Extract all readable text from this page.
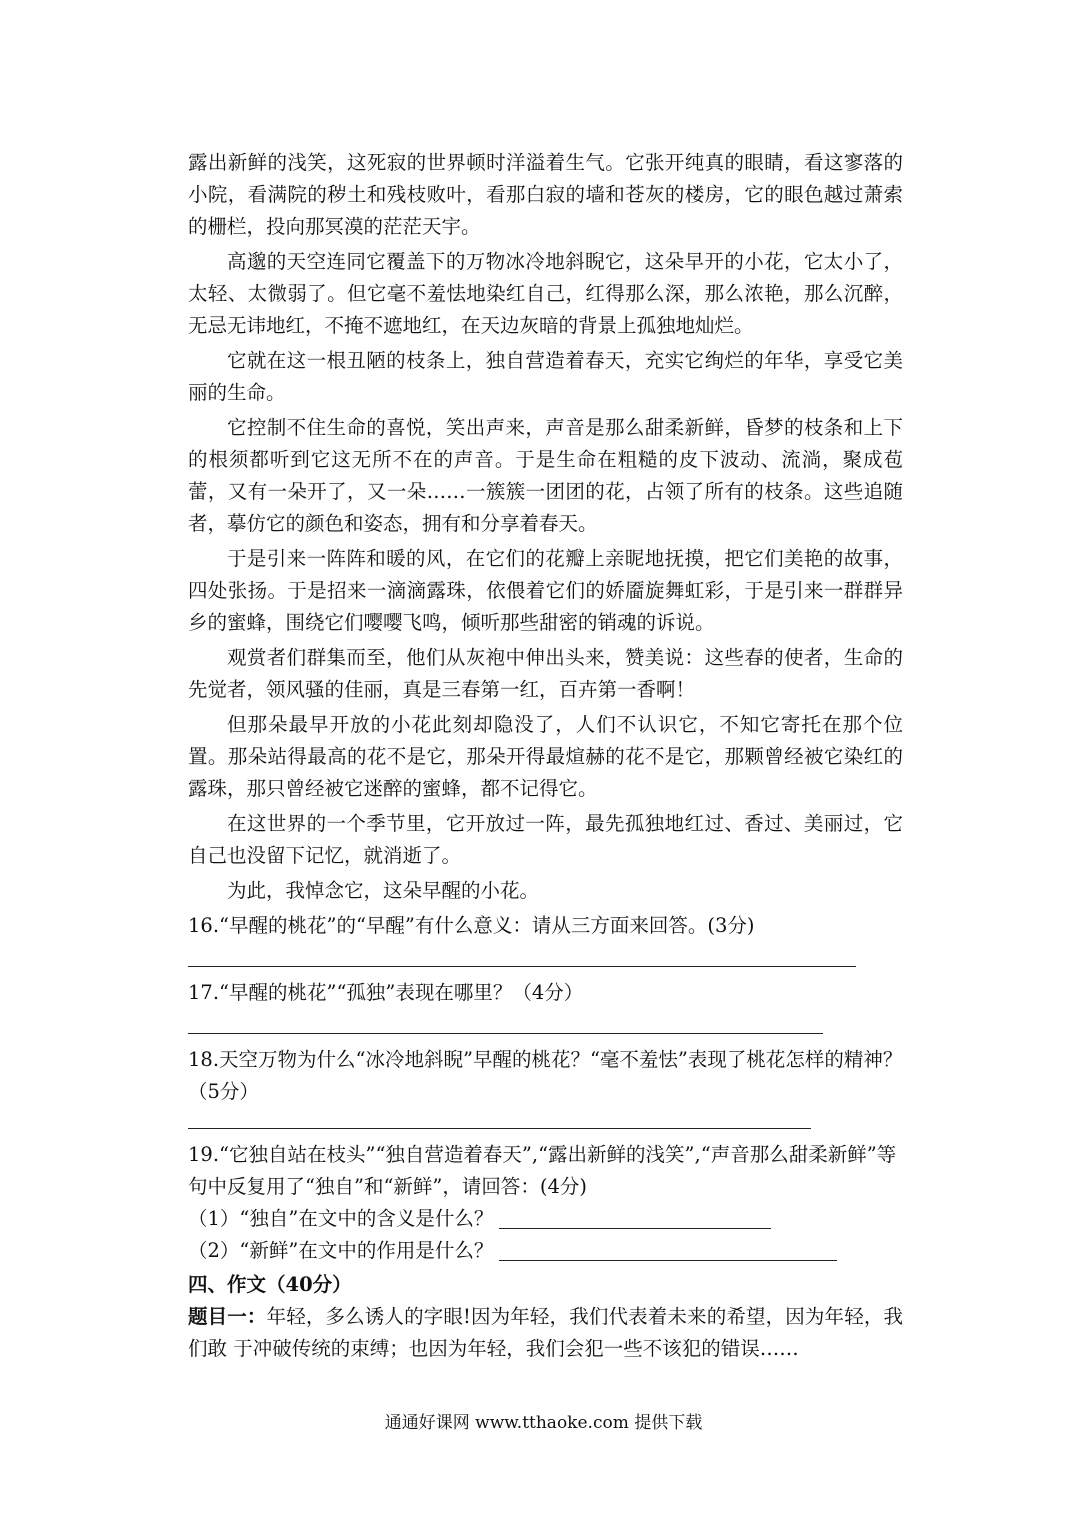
露出新鲜的浅笑，这死寂的世界顿时洋溢着生气。它张开纯真的眼睛，看这寥落的小院，看满院的秽土和残枝败叶，看那白寂的墙和苍灰的楼房，它的眼色越过萧索的栅栏，投向那冥漠的茫茫天宇。

高邈的天空连同它覆盖下的万物冰冷地斜睨它，这朵早开的小花，它太小了，太轻、太微弱了。但它毫不羞怯地染红自己，红得那么深，那么浓艳，那么沉醉，无忌无讳地红，不掩不遮地红，在天边灰暗的背景上孤独地灿烂。

它就在这一根丑陋的枝条上，独自营造着春天，充实它绚烂的年华，享受它美丽的生命。

它控制不住生命的喜悦，笑出声来，声音是那么甜柔新鲜，昏梦的枝条和上下的根须都听到它这无所不在的声音。于是生命在粗糙的皮下波动、流淌，聚成苞蕾，又有一朵开了，又一朵……一簇簇一团团的花，占领了所有的枝条。这些追随者，摹仿它的颜色和姿态，拥有和分享着春天。

于是引来一阵阵和暖的风，在它们的花瓣上亲昵地抚摸，把它们美艳的故事，四处张扬。于是招来一滴滴露珠，依偎着它们的娇靥旋舞虹彩，于是引来一群群异乡的蜜蜂，围绕它们嘤嘤飞鸣，倾听那些甜密的销魂的诉说。

观赏者们群集而至，他们从灰袍中伸出头来，赞美说：这些春的使者，生命的先觉者，领风骚的佳丽，真是三春第一红，百卉第一香啊！

但那朵最早开放的小花此刻却隐没了，人们不认识它，不知它寄托在那个位置。那朵站得最高的花不是它，那朵开得最煊赫的花不是它，那颗曾经被它染红的露珠，那只曾经被它迷醉的蜜蜂，都不记得它。

在这世界的一个季节里，它开放过一阵，最先孤独地红过、香过、美丽过，它自己也没留下记忆，就消逝了。

为此，我悼念它，这朵早醒的小花。

16.“早醒的桃花”的“早醒”有什么意义：请从三方面来回答。(3分)

17.“早醒的桃花”“孤独”表现在哪里？（4分）

18.天空万物为什么“冰冷地斜睨”早醒的桃花？“毫不羞怯”表现了桃花怎样的精神？（5分）

19.“它独自站在枝头”“独自营造着春天”,“露出新鲜的浅笑”,“声音那么甜柔新鲜”等句中反复用了“独自”和“新鲜”，请回答：(4分)

（1）“独自”在文中的含义是什么？
（2）“新鲜”在文中的作用是什么？

四、作文（40分）

题目一：年轻，多么诱人的字眼!因为年轻，我们代表着未来的希望，因为年轻，我们敢 于冲破传统的束缚；也因为年轻，我们会犯一些不该犯的错误……

通通好课网 www.tthaoke.com 提供下载
